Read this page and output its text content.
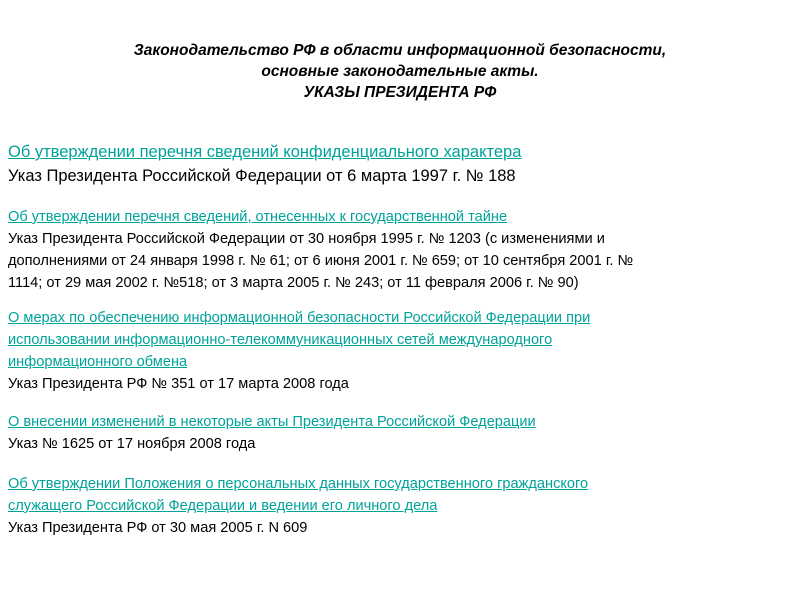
Законодательство РФ в области информационной безопасности,
основные законодательные акты.
УКАЗЫ ПРЕЗИДЕНТА РФ
Об утверждении перечня сведений конфиденциального характера
Указ Президента Российской Федерации от 6 марта 1997 г. № 188
Об утверждении перечня сведений, отнесенных к государственной тайне
Указ Президента Российской Федерации от 30 ноября 1995 г. № 1203 (с изменениями и
дополнениями от 24 января 1998 г. № 61; от 6 июня 2001 г. № 659; от 10 сентября 2001 г. №
1114; от 29 мая 2002 г. №518; от 3 марта 2005 г. № 243; от 11 февраля 2006 г. № 90)
О мерах по обеспечению информационной безопасности Российской Федерации при
использовании информационно-телекоммуникационных сетей международного
информационного обмена
Указ Президента РФ № 351 от 17 марта 2008 года
О внесении изменений в некоторые акты Президента Российской Федерации
Указ № 1625 от 17 ноября 2008 года
Об утверждении Положения о персональных данных государственного гражданского
служащего Российской Федерации и ведении его личного дела
Указ Президента РФ от 30 мая 2005 г. N 609
